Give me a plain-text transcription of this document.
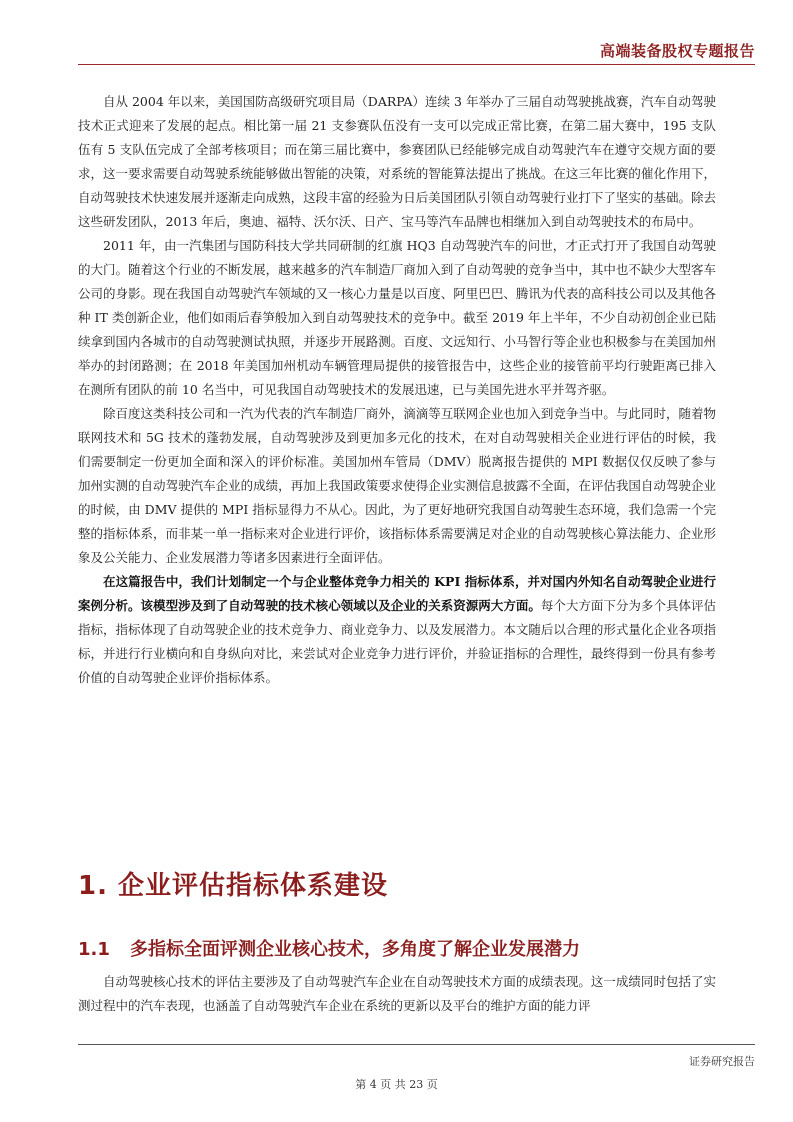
高端装备股权专题报告

自从 2004 年以来，美国国防高级研究项目局（DARPA）连续 3 年举办了三届自动驾驶挑战赛，汽车自动驾驶技术正式迎来了发展的起点。相比第一届 21 支参赛队伍没有一支可以完成正常比赛，在第二届大赛中，195 支队伍有 5 支队伍完成了全部考核项目；而在第三届比赛中，参赛团队已经能够完成自动驾驶汽车在遵守交规方面的要求，这一要求需要自动驾驶系统能够做出智能的决策，对系统的智能算法提出了挑战。在这三年比赛的催化作用下，自动驾驶技术快速发展并逐渐走向成熟，这段丰富的经验为日后美国团队引领自动驾驶行业打下了坚实的基础。除去这些研发团队，2013 年后，奥迪、福特、沃尔沃、日产、宝马等汽车品牌也相继加入到自动驾驶技术的布局中。

2011 年，由一汽集团与国防科技大学共同研制的红旗 HQ3 自动驾驶汽车的问世，才正式打开了我国自动驾驶的大门。随着这个行业的不断发展，越来越多的汽车制造厂商加入到了自动驾驶的竞争当中，其中也不缺少大型客车公司的身影。现在我国自动驾驶汽车领域的又一核心力量是以百度、阿里巴巴、腾讯为代表的高科技公司以及其他各种 IT 类创新企业，他们如雨后春笋般加入到自动驾驶技术的竞争中。截至 2019 年上半年，不少自动初创企业已陆续拿到国内各城市的自动驾驶测试执照，并逐步开展路测。百度、文远知行、小马智行等企业也积极参与在美国加州举办的封闭路测；在 2018 年美国加州机动车辆管理局提供的接管报告中，这些企业的接管前平均行驶距离已排入在测所有团队的前 10 名当中，可见我国自动驾驶技术的发展迅速，已与美国先进水平并驾齐驱。

除百度这类科技公司和一汽为代表的汽车制造厂商外，滴滴等互联网企业也加入到竞争当中。与此同时，随着物联网技术和 5G 技术的蓬勃发展，自动驾驶涉及到更加多元化的技术，在对自动驾驶相关企业进行评估的时候，我们需要制定一份更加全面和深入的评价标准。美国加州车管局（DMV）脱离报告提供的 MPI 数据仅仅反映了参与加州实测的自动驾驶汽车企业的成绩，再加上我国政策要求使得企业实测信息披露不全面，在评估我国自动驾驶企业的时候，由 DMV 提供的 MPI 指标显得力不从心。因此，为了更好地研究我国自动驾驶生态环境，我们急需一个完整的指标体系，而非某一单一指标来对企业进行评价，该指标体系需要满足对企业的自动驾驶核心算法能力、企业形象及公关能力、企业发展潜力等诸多因素进行全面评估。

在这篇报告中，我们计划制定一个与企业整体竞争力相关的 KPI 指标体系，并对国内外知名自动驾驶企业进行案例分析。该模型涉及到了自动驾驶的技术核心领域以及企业的关系资源两大方面。每个大方面下分为多个具体评估指标，指标体现了自动驾驶企业的技术竞争力、商业竞争力、以及发展潜力。本文随后以合理的形式量化企业各项指标，并进行行业横向和自身纵向对比，来尝试对企业竞争力进行评价，并验证指标的合理性，最终得到一份具有参考价值的自动驾驶企业评价指标体系。

1. 企业评估指标体系建设
1.1 多指标全面评测企业核心技术，多角度了解企业发展潜力

自动驾驶核心技术的评估主要涉及了自动驾驶汽车企业在自动驾驶技术方面的成绩表现。这一成绩同时包括了实测过程中的汽车表现，也涵盖了自动驾驶汽车企业在系统的更新以及平台的维护方面的能力评

证券研究报告
第 4 页 共 23 页
